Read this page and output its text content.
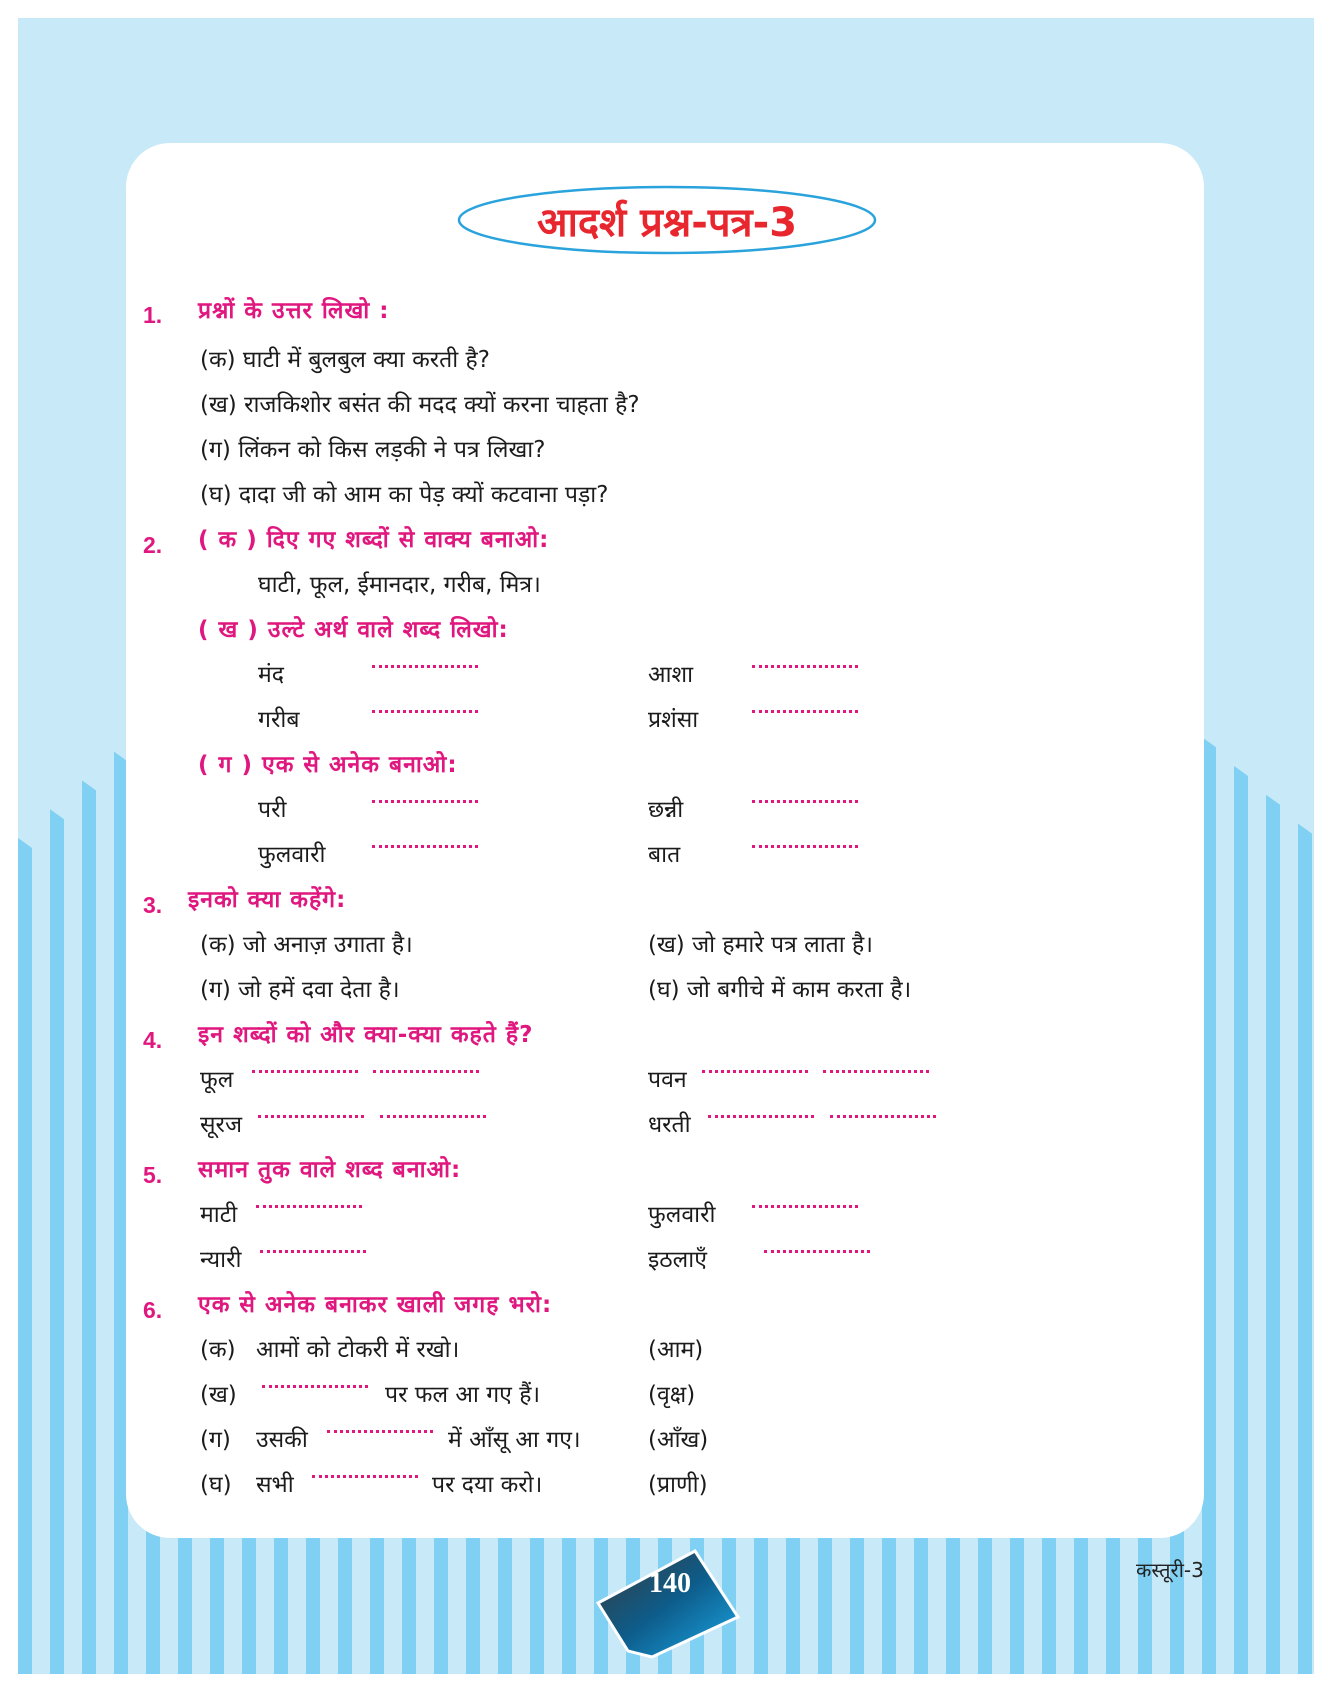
आदर्श प्रश्न-पत्र-3
1. प्रश्नों के उत्तर लिखो :
(क) घाटी में बुलबुल क्या करती है?
(ख) राजकिशोर बसंत की मदद क्यों करना चाहता है?
(ग) लिंकन को किस लड़की ने पत्र लिखा?
(घ) दादा जी को आम का पेड़ क्यों कटवाना पड़ा?
2. ( क ) दिए गए शब्दों से वाक्य बनाओ:
घाटी, फूल, ईमानदार, गरीब, मित्र।
( ख ) उल्टे अर्थ वाले शब्द लिखो:
मंद	आशा
गरीब	प्रशंसा
( ग ) एक से अनेक बनाओ:
परी	छन्नी
फुलवारी	बात
3. इनको क्या कहेंगे:
(क) जो अनाज़ उगाता है।	(ख) जो हमारे पत्र लाता है।
(ग) जो हमें दवा देता है।	(घ) जो बगीचे में काम करता है।
4. इन शब्दों को और क्या-क्या कहते हैं?
फूल	पवन
सूरज	धरती
5. समान तुक वाले शब्द बनाओ:
माटी	फुलवारी
न्यारी	इठलाएँ
6. एक से अनेक बनाकर खाली जगह भरो:
(क) आमों को टोकरी में रखो।	(आम)
(ख)	पर फल आ गए हैं।	(वृक्ष)
(ग) उसकी	में आँसू आ गए।	(आँख)
(घ) सभी	पर दया करो।	(प्राणी)
140	कस्तूरी-3
